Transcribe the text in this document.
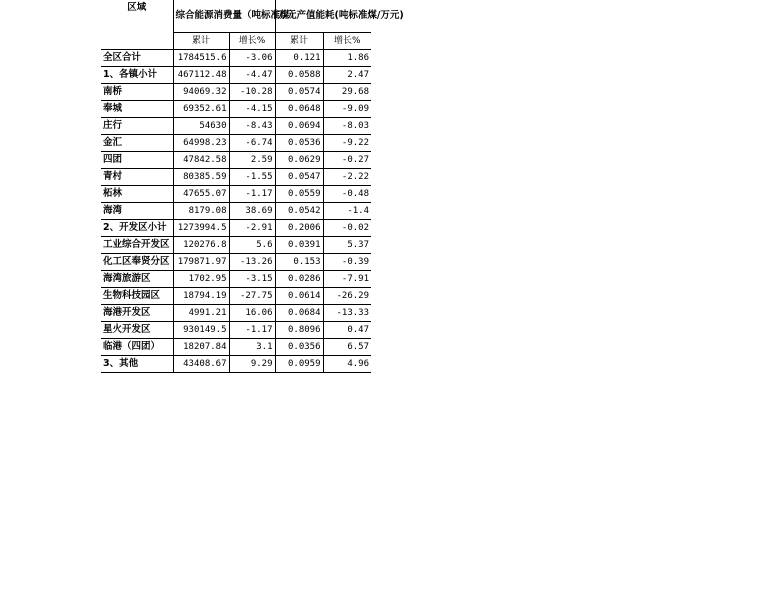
区域	综合能源消费量（吨标准煤）		万元产值能耗(吨标准煤/万元)	
	累计	增长%	累计	增长%
全区合计	1784515.6	-3.06	0.121	1.86
1、各镇小计	467112.48	-4.47	0.0588	2.47
南桥	94069.32	-10.28	0.0574	29.68
奉城	69352.61	-4.15	0.0648	-9.09
庄行	54630	-8.43	0.0694	-8.03
金汇	64998.23	-6.74	0.0536	-9.22
四团	47842.58	2.59	0.0629	-0.27
青村	80385.59	-1.55	0.0547	-2.22
柘林	47655.07	-1.17	0.0559	-0.48
海湾	8179.08	38.69	0.0542	-1.4
2、开发区小计	1273994.5	-2.91	0.2006	-0.02
工业综合开发区	120276.8	5.6	0.0391	5.37
化工区奉贤分区	179871.97	-13.26	0.153	-0.39
海湾旅游区	1702.95	-3.15	0.0286	-7.91
生物科技园区	18794.19	-27.75	0.0614	-26.29
海港开发区	4991.21	16.06	0.0684	-13.33
星火开发区	930149.5	-1.17	0.8096	0.47
临港（四团）	18207.84	3.1	0.0356	6.57
3、其他	43408.67	9.29	0.0959	4.96
